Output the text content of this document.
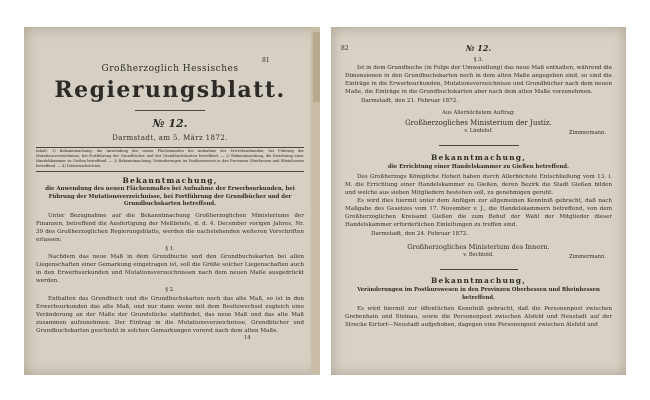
81
Großherzoglich Hessisches
Regierungsblatt.
№ 12.
Darmstadt, am 5. März 1872.
Inhalt: 1) Bekanntmachung, die Anwendung des neuen Flächenmaßes bei Aufnahme der Erwerbsurkunden, bei Führung der Mutationsverzeichnisse, bei Fortführung der Grundbücher und der Grundbuchskarten betreffend. — 2) Bekanntmachung, die Errichtung einer Handelskammer zu Gießen betreffend. — 3) Bekanntmachung, Veränderungen im Postkurswesen in den Provinzen Oberhessen und Rheinhessen betreffend. — 4) Dienstnachrichten.
Bekanntmachung,
die Anwendung des neuen Flächenmaßes bei Aufnahme der Erwerbsurkunden, bei Führung der Mutationsverzeichnisse, bei Fortführung der Grundbücher und der Grundbuchskarten betreffend.
Unter Bezugnahme auf die Bekanntmachung Großherzoglichen Ministeriums der Finanzen, betreffend die Ausfertigung der Meßbriefe, d. d. 4. December vorigen Jahres, Nr. 39 des Großherzoglichen Regierungsblatts, werden die nachstehenden weiteren Vorschriften erlassen:
§ 1.
Nachdem das neue Maß in dem Grundbuche und den Grundbuchskarten bei allen Liegenschaften einer Gemarkung eingetragen ist, soll die Größe solcher Liegenschaften auch in den Erwerbsurkunden und Mutationsverzeichnissen nach dem neuen Maße ausgedrückt werden.
§ 2.
Enthalten das Grundbuch und die Grundbuchskarten noch das alte Maß, so ist in den Erwerbsurkunden das alte Maß, und nur dann wenn mit dem Besitzwechsel zugleich eine Veränderung an der Maße der Grundstücke stattfindet, das neue Maß und das alte Maß zusammen aufzunehmen. Der Eintrag in die Mutationsverzeichnisse, Grundbücher und Grundbuchskarten geschieht in solchen Gemarkungen vorerst nach dem alten Maße.
14
82	№ 12.
§ 3.
Ist in dem Grundbuche (in Folge der Umwandlung) das neue Maß enthalten, während die Dimensionen in den Grundbuchskarten noch in dem alten Maße angegeben sind, so sind die Einträge in die Erwerbsurkunden, Mutationsverzeichnisse und Grundbücher nach dem neuen Maße, die Einträge in die Grundbuchskarten aber nach dem alten Maße vorzunehmen.
Darmstadt, den 21. Februar 1872.
Aus Allerhöchstem Auftrag:
Großherzogliches Ministerium der Justiz.
v. Lindelof.	Zimmermann.
Bekanntmachung,
die Errichtung einer Handelskammer zu Gießen betreffend.
Des Großherzogs Königliche Hoheit haben durch Allerhöchste Entschließung vom 13. l. M. die Errichtung einer Handelskammer zu Gießen, deren Bezirk die Stadt Gießen bilden und welche aus sieben Mitgliedern bestehen soll, zu genehmigen geruht.
Es wird dies hiermit unter dem Anfügen zur allgemeinen Kenntniß gebracht, daß nach Maßgabe des Gesetzes vom 17. November v. J., die Handelskammern betreffend, von dem Großherzoglichen Kreisamt Gießen die zum Behuf der Wahl der Mitglieder dieser Handelskammer erforderlichen Einleitungen zu treffen sind.
Darmstadt, den 24. Februar 1872.
Großherzogliches Ministerium des Innern.
v. Bechtold.	Zimmermann.
Bekanntmachung,
Veränderungen im Postkurswesen in den Provinzen Oberhessen und Rheinhessen betreffend.
Es wird hiermit zur öffentlichen Kenntniß gebracht, daß die Personenpost zwischen Grebenhain und Steinau, sowie die Personenpost zwischen Alsfeld und Neustadt auf der Strecke Kirtorf—Neustadt aufgehoben, dagegen eine Personenpost zwischen Alsfeld und
